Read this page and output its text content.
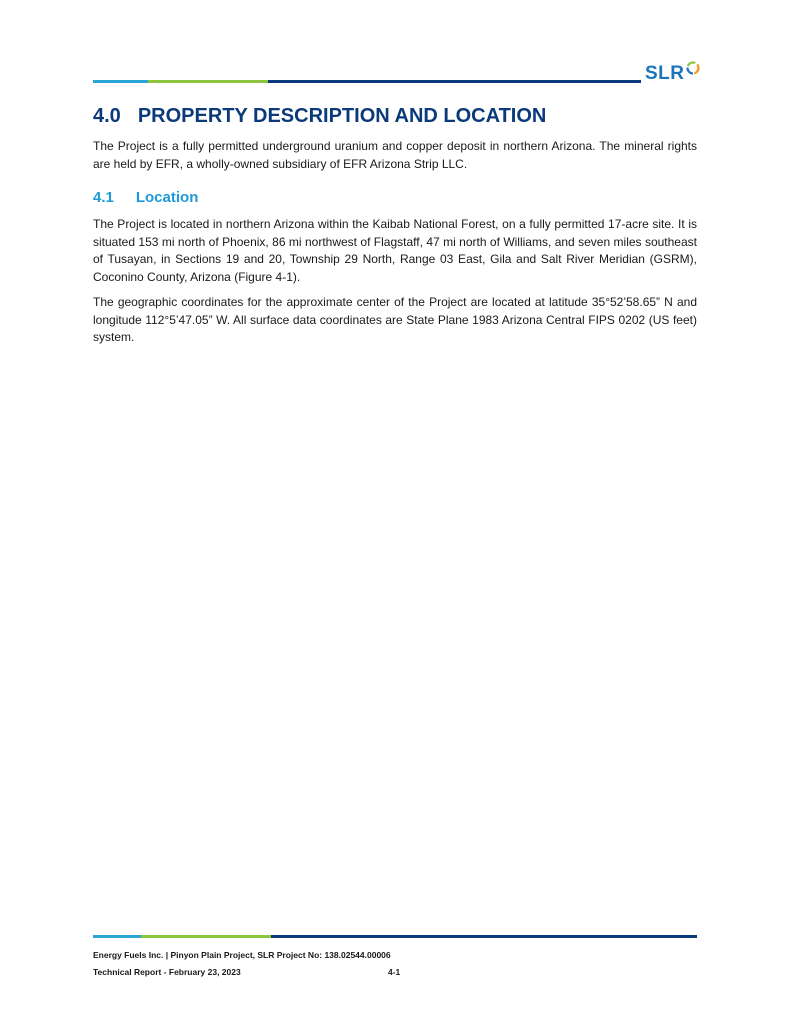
SLR
4.0 PROPERTY DESCRIPTION AND LOCATION

The Project is a fully permitted underground uranium and copper deposit in northern Arizona. The mineral rights are held by EFR, a wholly-owned subsidiary of EFR Arizona Strip LLC.

4.1 Location

The Project is located in northern Arizona within the Kaibab National Forest, on a fully permitted 17-acre site. It is situated 153 mi north of Phoenix, 86 mi northwest of Flagstaff, 47 mi north of Williams, and seven miles southeast of Tusayan, in Sections 19 and 20, Township 29 North, Range 03 East, Gila and Salt River Meridian (GSRM), Coconino County, Arizona (Figure 4-1).

The geographic coordinates for the approximate center of the Project are located at latitude 35°52’58.65” N and longitude 112°5’47.05” W. All surface data coordinates are State Plane 1983 Arizona Central FIPS 0202 (US feet) system.

Energy Fuels Inc. | Pinyon Plain Project, SLR Project No: 138.02544.00006
Technical Report - February 23, 2023	4-1
